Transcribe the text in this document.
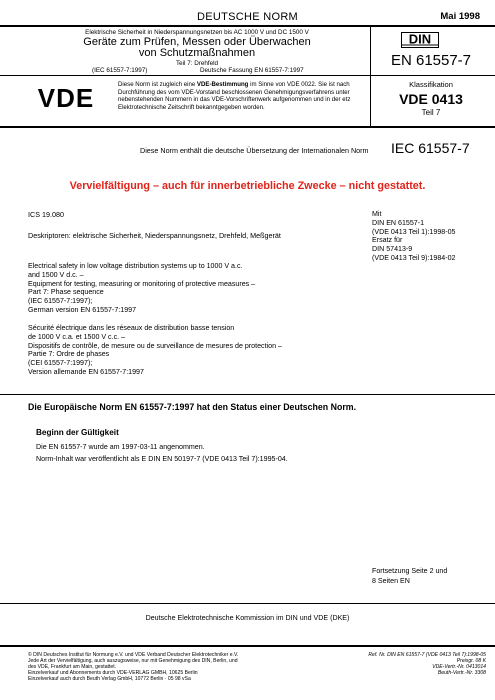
DEUTSCHE NORM	Mai 1998
Elektrische Sicherheit in Niederspannungsnetzen bis AC 1000 V und DC 1500 V
Geräte zum Prüfen, Messen oder Überwachen
von Schutzmaßnahmen
Teil 7: Drehfeld
(IEC 61557-7:1997)	Deutsche Fassung EN 61557-7:1997
DIN
EN 61557-7
VDE	Diese Norm ist zugleich eine VDE-Bestimmung im Sinne von VDE 0022. Sie ist nach Durchführung des vom VDE-Vorstand beschlossenen Genehmigungsverfahrens unter nebenstehenden Nummern in das VDE-Vorschriftenwerk aufgenommen und in der etz Elektrotechnische Zeitschrift bekanntgegeben worden.
Klassifikation
VDE 0413
Teil 7
Diese Norm enthält die deutsche Übersetzung der Internationalen Norm IEC 61557-7
Vervielfältigung – auch für innerbetriebliche Zwecke – nicht gestattet.
ICS 19.080
Deskriptoren: elektrische Sicherheit, Niederspannungsnetz, Drehfeld, Meßgerät
Electrical safety in low voltage distribution systems up to 1000 V a.c.
and 1500 V d.c. –
Equipment for testing, measuring or monitoring of protective measures –
Part 7: Phase sequence
(IEC 61557-7:1997);
German version EN 61557-7:1997
Sécurité électrique dans les réseaux de distribution basse tension
de 1000 V c.a. et 1500 V c.c. –
Dispositifs de contrôle, de mesure ou de surveillance de mesures de protection –
Partie 7: Ordre de phases
(CEI 61557-7:1997);
Version allemande EN 61557-7:1997
Mit
DIN EN 61557-1
(VDE 0413 Teil 1):1998-05
Ersatz für
DIN 57413-9
(VDE 0413 Teil 9):1984-02
Die Europäische Norm EN 61557-7:1997 hat den Status einer Deutschen Norm.
Beginn der Gültigkeit
Die EN 61557-7 wurde am 1997-03-11 angenommen.
Norm-Inhalt war veröffentlicht als E DIN EN 50197-7 (VDE 0413 Teil 7):1995-04.
Fortsetzung Seite 2 und
8 Seiten EN
Deutsche Elektrotechnische Kommission im DIN und VDE (DKE)
© DIN Deutsches Institut für Normung e.V. und VDE Verband Deutscher Elektrotechniker e.V.
Jede Art der Vervielfältigung, auch auszugsweise, nur mit Genehmigung des DIN, Berlin, und
des VDE, Frankfurt am Main, gestattet.
Einzelverkauf und Abonnements durch VDE-VERLAG GMBH, 10625 Berlin
Einzelverkauf auch durch Beuth Verlag GmbH, 10772 Berlin · 05 98 vSa
Ref. Nr. DIN EN 61557-7 (VDE 0413 Teil 7):1998-05
Preisgr. 08 K
VDE-Vertr.-Nr. 0413014
Beuth-Vertr.-Nr. 3308
